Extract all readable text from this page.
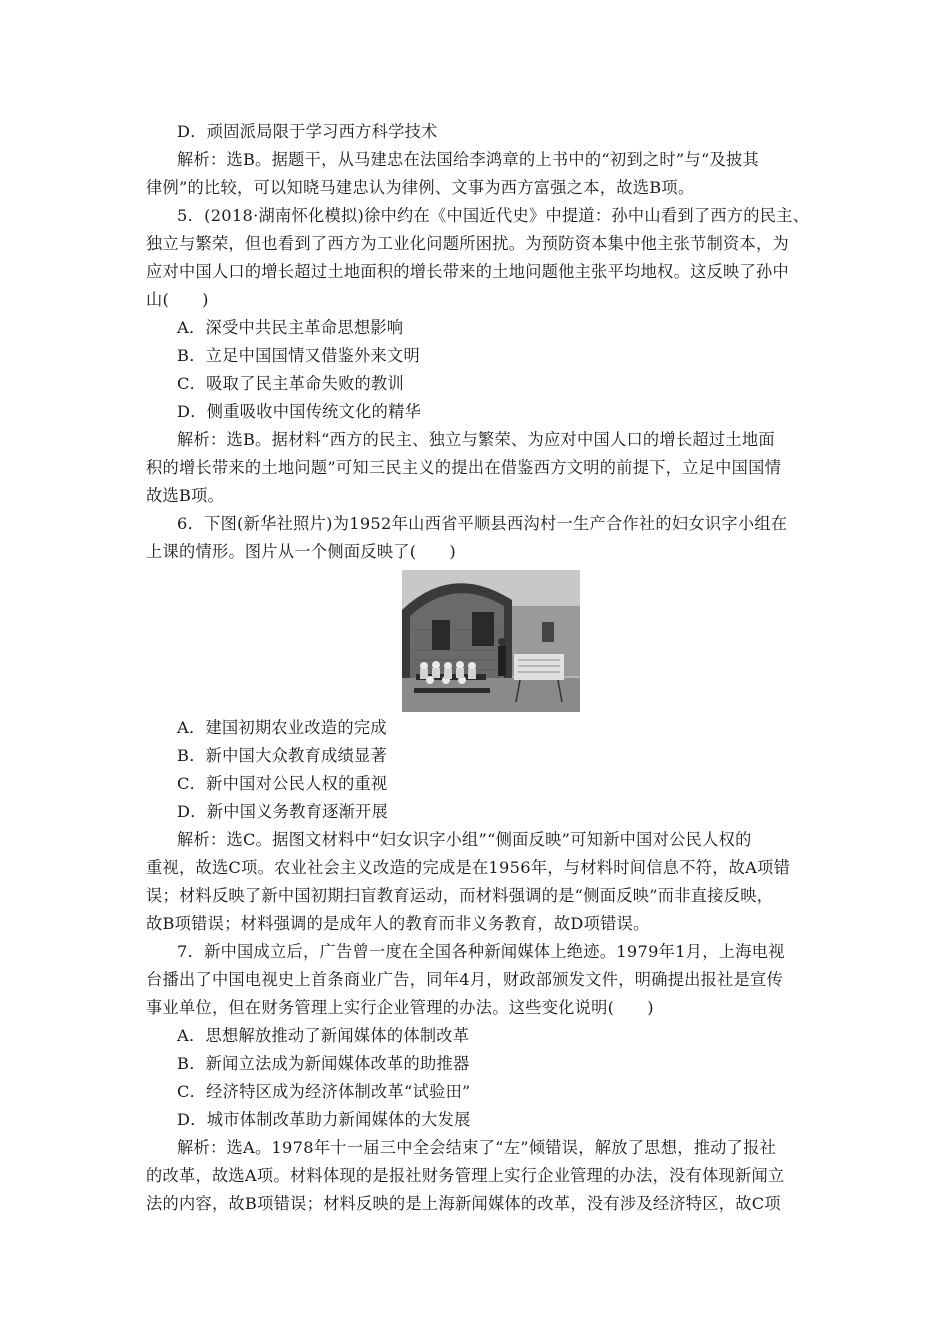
D．顽固派局限于学习西方科学技术
解析：选B。据题干，从马建忠在法国给李鸿章的上书中的“初到之时”与“及披其
律例”的比较，可以知晓马建忠认为律例、文事为西方富强之本，故选B项。
5．(2018·湖南怀化模拟)徐中约在《中国近代史》中提道：孙中山看到了西方的民主、
独立与繁荣，但也看到了西方为工业化问题所困扰。为预防资本集中他主张节制资本，为
应对中国人口的增长超过土地面积的增长带来的土地问题他主张平均地权。这反映了孙中
山(　　)
A．深受中共民主革命思想影响
B．立足中国国情又借鉴外来文明
C．吸取了民主革命失败的教训
D．侧重吸收中国传统文化的精华
解析：选B。据材料“西方的民主、独立与繁荣、为应对中国人口的增长超过土地面
积的增长带来的土地问题”可知三民主义的提出在借鉴西方文明的前提下，立足中国国情
故选B项。
6．下图(新华社照片)为1952年山西省平顺县西沟村一生产合作社的妇女识字小组在
上课的情形。图片从一个侧面反映了(　　)
A．建国初期农业改造的完成
B．新中国大众教育成绩显著
C．新中国对公民人权的重视
D．新中国义务教育逐渐开展
解析：选C。据图文材料中“妇女识字小组”“侧面反映”可知新中国对公民人权的
重视，故选C项。农业社会主义改造的完成是在1956年，与材料时间信息不符，故A项错
误；材料反映了新中国初期扫盲教育运动，而材料强调的是“侧面反映”而非直接反映，
故B项错误；材料强调的是成年人的教育而非义务教育，故D项错误。
7．新中国成立后，广告曾一度在全国各种新闻媒体上绝迹。1979年1月，上海电视
台播出了中国电视史上首条商业广告，同年4月，财政部颁发文件，明确提出报社是宣传
事业单位，但在财务管理上实行企业管理的办法。这些变化说明(　　)
A．思想解放推动了新闻媒体的体制改革
B．新闻立法成为新闻媒体改革的助推器
C．经济特区成为经济体制改革“试验田”
D．城市体制改革助力新闻媒体的大发展
解析：选A。1978年十一届三中全会结束了“左”倾错误，解放了思想，推动了报社
的改革，故选A项。材料体现的是报社财务管理上实行企业管理的办法，没有体现新闻立
法的内容，故B项错误；材料反映的是上海新闻媒体的改革，没有涉及经济特区，故C项
